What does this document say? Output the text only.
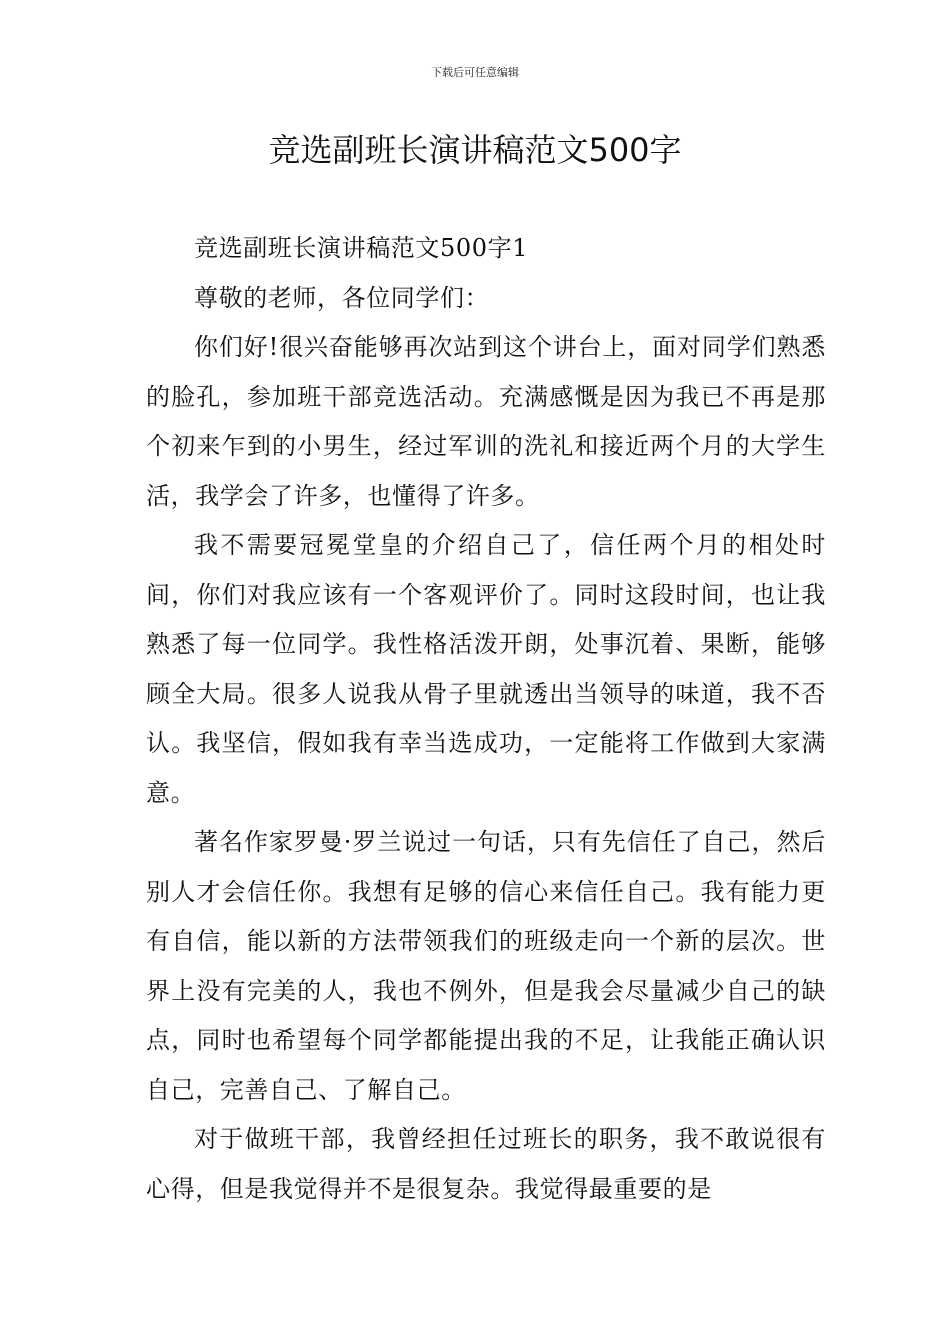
下载后可任意编辑
竞选副班长演讲稿范文500字

竞选副班长演讲稿范文500字1

尊敬的老师，各位同学们：

你们好!很兴奋能够再次站到这个讲台上，面对同学们熟悉的脸孔，参加班干部竞选活动。充满感慨是因为我已不再是那个初来乍到的小男生，经过军训的洗礼和接近两个月的大学生活，我学会了许多，也懂得了许多。

我不需要冠冕堂皇的介绍自己了，信任两个月的相处时间，你们对我应该有一个客观评价了。同时这段时间，也让我熟悉了每一位同学。我性格活泼开朗，处事沉着、果断，能够顾全大局。很多人说我从骨子里就透出当领导的味道，我不否认。我坚信，假如我有幸当选成功，一定能将工作做到大家满意。

著名作家罗曼·罗兰说过一句话，只有先信任了自己，然后别人才会信任你。我想有足够的信心来信任自己。我有能力更有自信，能以新的方法带领我们的班级走向一个新的层次。世界上没有完美的人，我也不例外，但是我会尽量减少自己的缺点，同时也希望每个同学都能提出我的不足，让我能正确认识自己，完善自己、了解自己。

对于做班干部，我曾经担任过班长的职务，我不敢说很有心得，但是我觉得并不是很复杂。我觉得最重要的是
